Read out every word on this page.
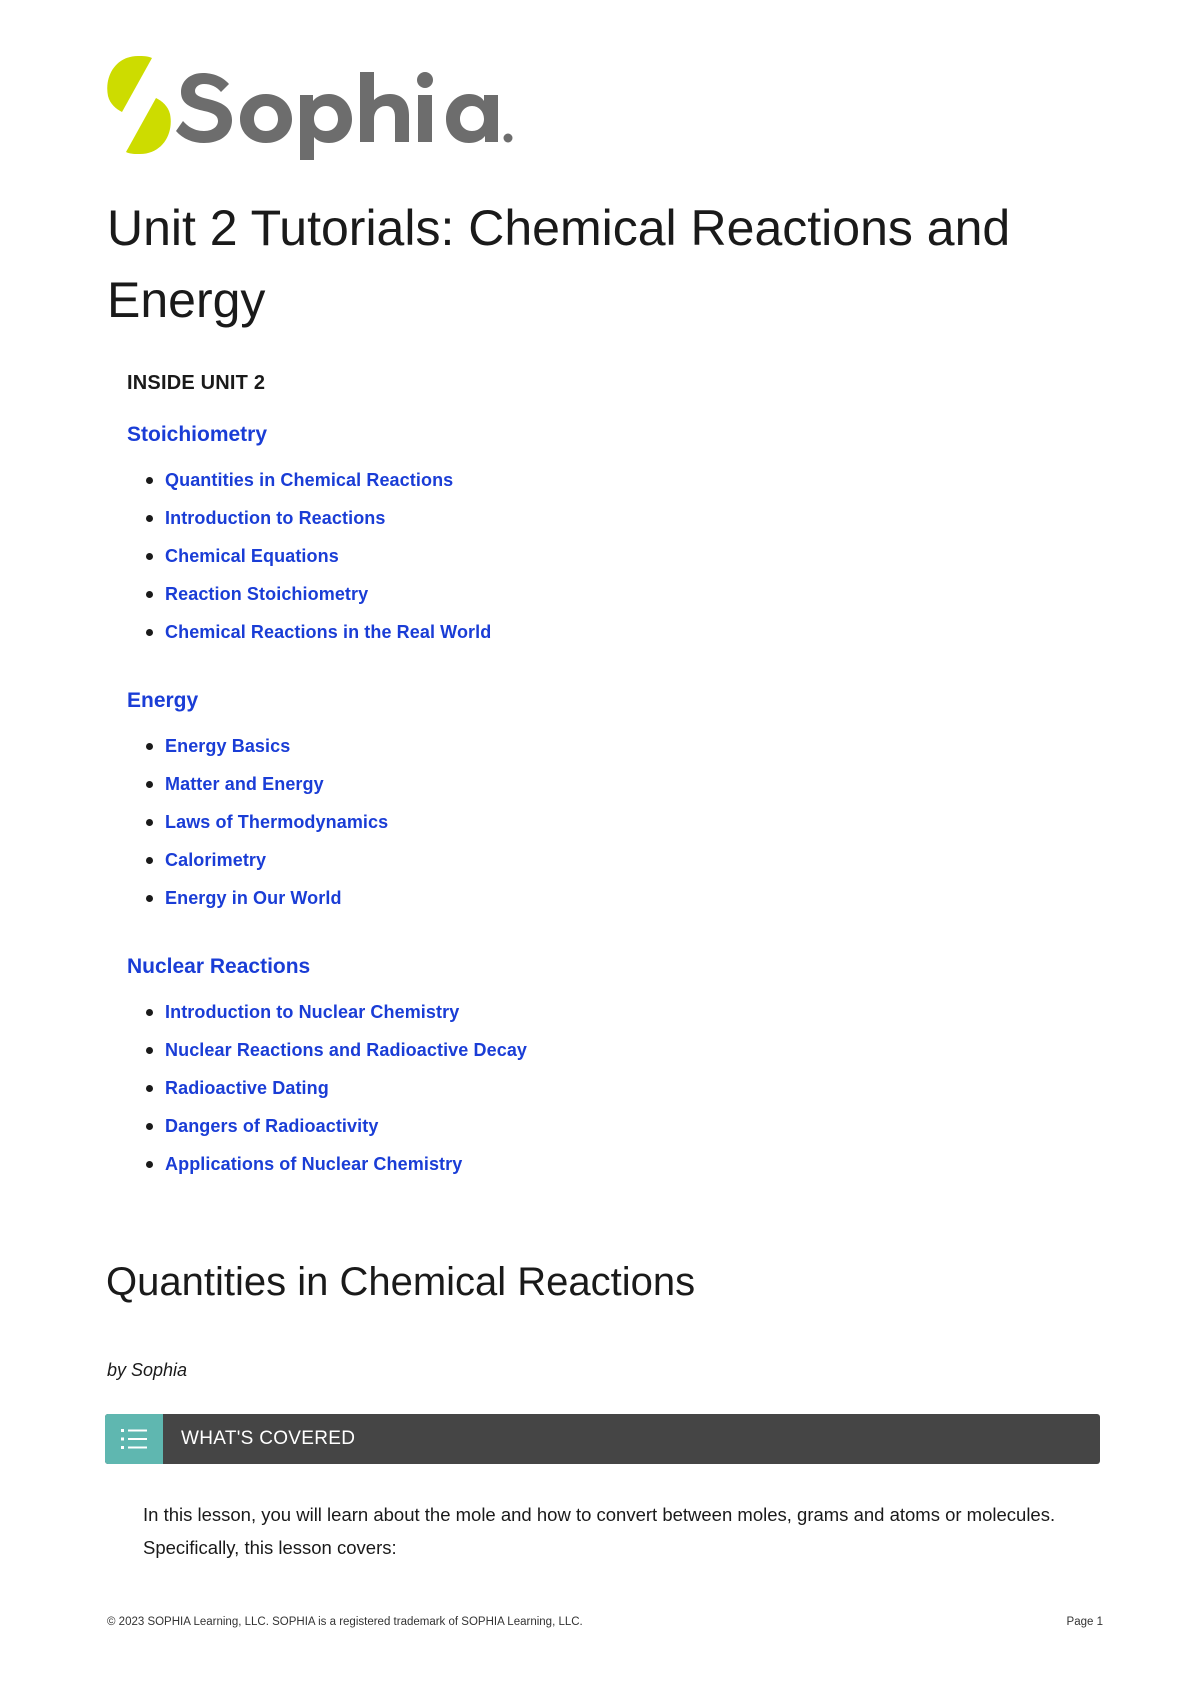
Unit 2 Tutorials: Chemical Reactions and Energy
INSIDE UNIT 2
Stoichiometry
Quantities in Chemical Reactions
Introduction to Reactions
Chemical Equations
Reaction Stoichiometry
Chemical Reactions in the Real World
Energy
Energy Basics
Matter and Energy
Laws of Thermodynamics
Calorimetry
Energy in Our World
Nuclear Reactions
Introduction to Nuclear Chemistry
Nuclear Reactions and Radioactive Decay
Radioactive Dating
Dangers of Radioactivity
Applications of Nuclear Chemistry
Quantities in Chemical Reactions
by Sophia
WHAT'S COVERED

In this lesson, you will learn about the mole and how to convert between moles, grams and atoms or molecules. Specifically, this lesson covers:

© 2023 SOPHIA Learning, LLC. SOPHIA is a registered trademark of SOPHIA Learning, LLC.	Page 1
